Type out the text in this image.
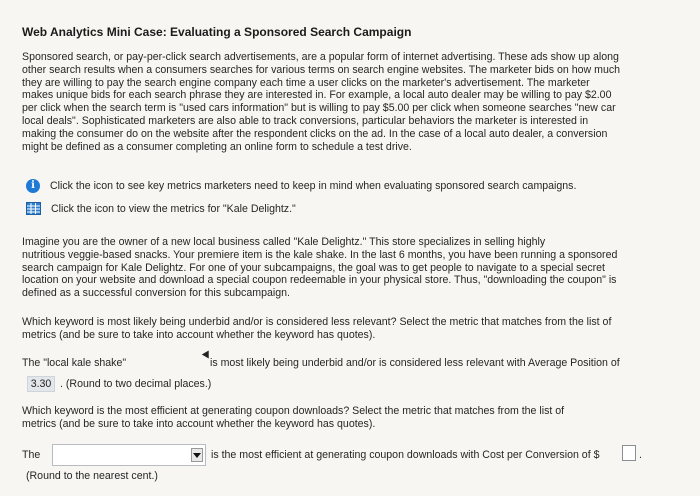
Web Analytics Mini Case: Evaluating a Sponsored Search Campaign
Sponsored search, or pay-per-click search advertisements, are a popular form of internet advertising. These ads show up along
other search results when a consumers searches for various terms on search engine websites. The marketer bids on how much
they are willing to pay the search engine company each time a user clicks on the marketer's advertisement. The marketer
makes unique bids for each search phrase they are interested in. For example, a local auto dealer may be willing to pay $2.00
per click when the search term is "used cars information" but is willing to pay $5.00 per click when someone searches "new car
local deals". Sophisticated marketers are also able to track conversions, particular behaviors the marketer is interested in
making the consumer do on the website after the respondent clicks on the ad. In the case of a local auto dealer, a conversion
might be defined as a consumer completing an online form to schedule a test drive.
i	Click the icon to see key metrics marketers need to keep in mind when evaluating sponsored search campaigns.
Click the icon to view the metrics for "Kale Delightz."
Imagine you are the owner of a new local business called "Kale Delightz." This store specializes in selling highly
nutritious veggie-based snacks. Your premiere item is the kale shake. In the last 6 months, you have been running a sponsored
search campaign for Kale Delightz. For one of your subcampaigns, the goal was to get people to navigate to a special secret
location on your website and download a special coupon redeemable in your physical store. Thus, "downloading the coupon" is
defined as a successful conversion for this subcampaign.
Which keyword is most likely being underbid and/or is considered less relevant? Select the metric that matches from the list of
metrics (and be sure to take into account whether the keyword has quotes).
The "local kale shake"	is most likely being underbid and/or is considered less relevant with Average Position of
3.30 . (Round to two decimal places.)
Which keyword is the most efficient at generating coupon downloads? Select the metric that matches from the list of
metrics (and be sure to take into account whether the keyword has quotes).
The	is the most efficient at generating coupon downloads with Cost per Conversion of $	.
(Round to the nearest cent.)
